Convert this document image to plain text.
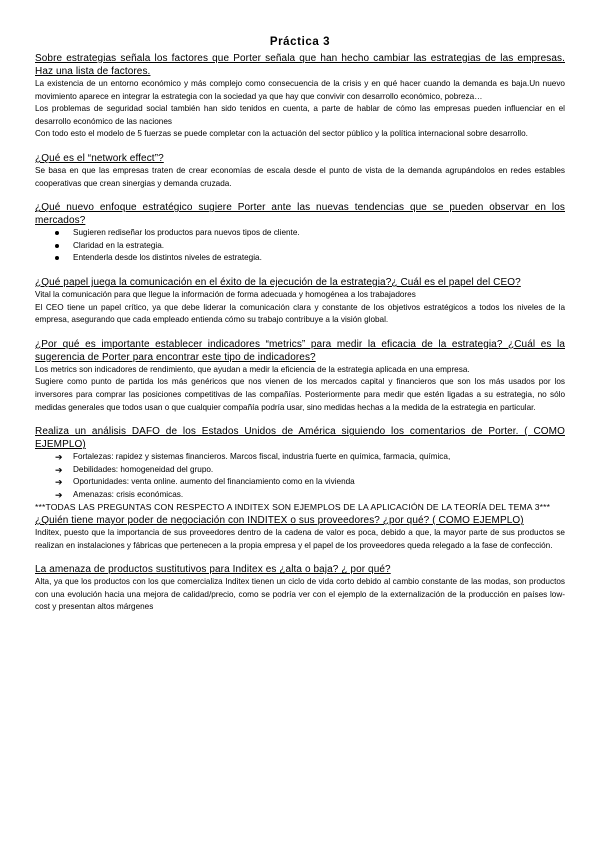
Práctica 3

Sobre estrategias señala los factores que Porter señala que han hecho cambiar las estrategias de las empresas. Haz una lista de factores.

La existencia de un entorno económico y más complejo como consecuencia de la crisis y en qué hacer cuando la demanda es baja.Un nuevo movimiento aparece en integrar la estrategia con la sociedad ya que hay que convivir con desarrollo económico, pobreza…

Los problemas de seguridad social también han sido tenidos en cuenta, a parte de hablar de cómo las empresas pueden influenciar en el desarrollo económico de las naciones

Con todo esto el modelo de 5 fuerzas se puede completar con la actuación del sector público y la política internacional sobre desarrollo.

¿Qué es el “network effect”?

Se basa en que las empresas traten de crear economías de escala desde el punto de vista de la demanda agrupándolos en redes estables cooperativas que crean sinergias y demanda cruzada.

¿Qué nuevo enfoque estratégico sugiere Porter ante las nuevas tendencias que se pueden observar en los mercados?

Sugieren rediseñar los productos para nuevos tipos de cliente.
Claridad en la estrategia.
Entenderla desde los distintos niveles de estrategia.

¿Qué papel juega la comunicación en el éxito de la ejecución de la estrategia?¿ Cuál es el papel del CEO?

Vital la comunicación para que llegue la información de forma adecuada y homogénea a los trabajadores

El CEO tiene un papel crítico, ya que debe liderar la comunicación clara y constante de los objetivos estratégicos a todos los niveles de la empresa, asegurando que cada empleado entienda cómo su trabajo contribuye a la visión global.

¿Por qué es importante establecer indicadores “metrics” para medir la eficacia de la estrategia? ¿Cuál es la sugerencia de Porter para encontrar este tipo de indicadores?

Los metrics son indicadores de rendimiento, que ayudan a medir la eficiencia de la estrategia aplicada en una empresa.

Sugiere como punto de partida los más genéricos que nos vienen de los mercados capital y financieros que son los más usados por los inversores para comprar las posiciones competitivas de las compañías. Posteriormente para medir que estén ligadas a su estrategia, no sólo medidas generales que todos usan o que cualquier compañía podría usar, sino medidas hechas a la medida de la estrategia en particular.

Realiza un análisis DAFO de los Estados Unidos de América siguiendo los comentarios de Porter. ( COMO EJEMPLO)

➔	Fortalezas: rapidez y sistemas financieros. Marcos fiscal, industria fuerte en química, farmacia, química,
➔	Debilidades: homogeneidad del grupo.
➔	Oportunidades: venta online. aumento del financiamiento como en la vivienda
➔	Amenazas: crisis económicas.

***TODAS LAS PREGUNTAS CON RESPECTO A INDITEX SON EJEMPLOS DE LA APLICACIÓN DE LA TEORÍA DEL TEMA 3***

¿Quién tiene mayor poder de negociación con INDITEX o sus proveedores? ¿por qué? ( COMO EJEMPLO)

Inditex, puesto que la importancia de sus proveedores dentro de la cadena de valor es poca, debido a que, la mayor parte de sus productos se realizan en instalaciones y fábricas que pertenecen a la propia empresa y el papel de los proveedores queda relegado a la fase de confección.

La amenaza de productos sustitutivos para Inditex es ¿alta o baja? ¿ por qué?

Alta, ya que los productos con los que comercializa Inditex tienen un ciclo de vida corto debido al cambio constante de las modas, son productos con una evolución hacia una mejora de calidad/precio, como se podría ver con el ejemplo de la externalización de la producción en países low-cost y presentan altos márgenes
